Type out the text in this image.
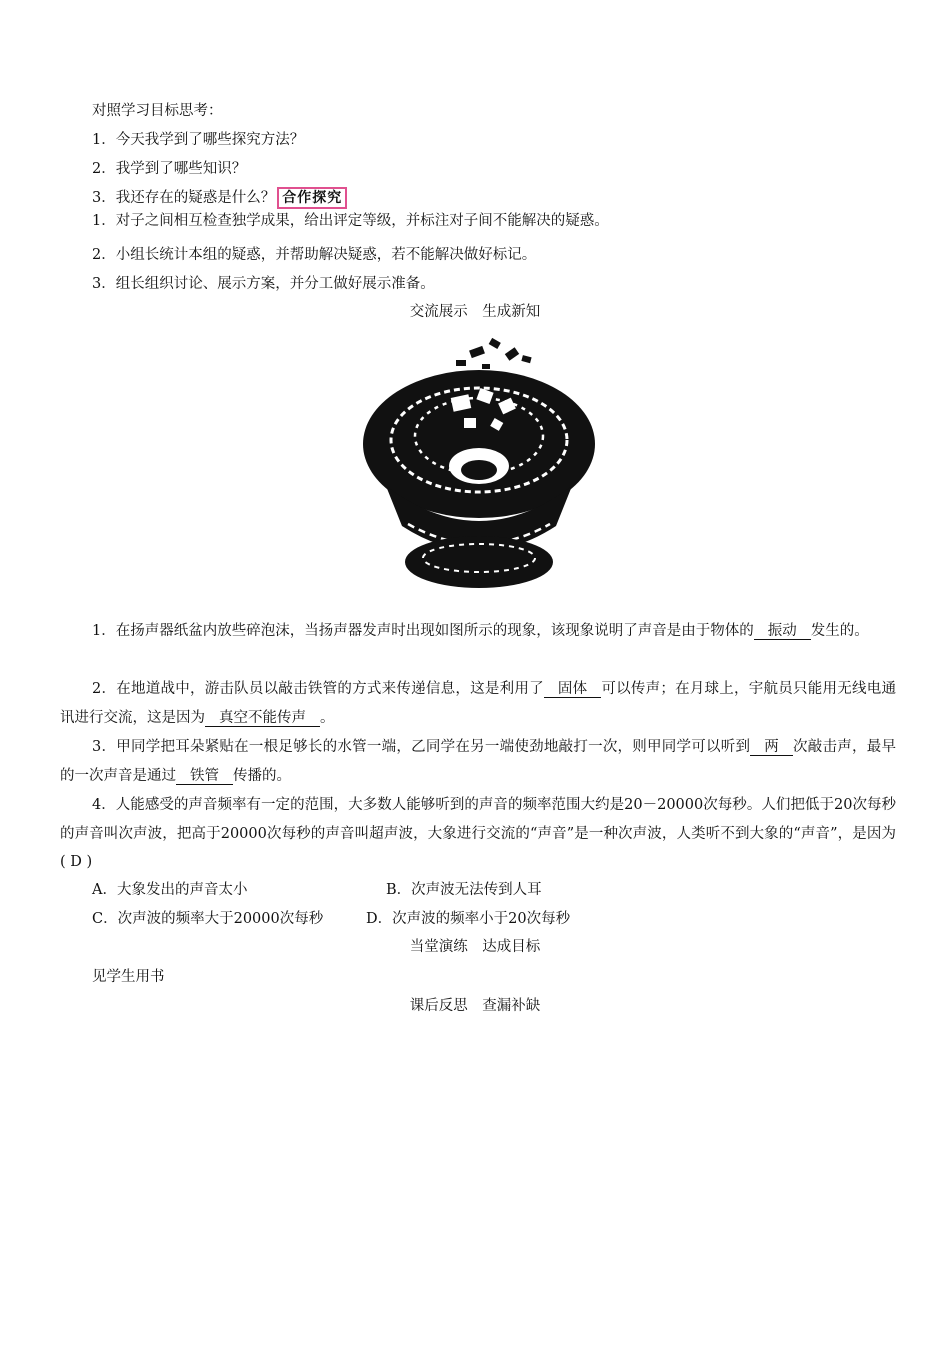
对照学习目标思考：
1．今天我学到了哪些探究方法？
2．我学到了哪些知识？
3．我还存在的疑惑是什么？ 合作探究
1．对子之间相互检查独学成果，给出评定等级，并标注对子间不能解决的疑惑。
2．小组长统计本组的疑惑，并帮助解决疑惑，若不能解决做好标记。
3．组长组织讨论、展示方案，并分工做好展示准备。
交流展示　生成新知
1．在扬声器纸盆内放些碎泡沫，当扬声器发声时出现如图所示的现象，该现象说明了声音是由于物体的 振动 发生的。
2．在地道战中，游击队员以敲击铁管的方式来传递信息，这是利用了 固体 可以传声；在月球上，宇航员只能用无线电通讯进行交流，这是因为 真空不能传声 。
3．甲同学把耳朵紧贴在一根足够长的水管一端，乙同学在另一端使劲地敲打一次，则甲同学可以听到 两 次敲击声，最早的一次声音是通过 铁管 传播的。
4．人能感受的声音频率有一定的范围，大多数人能够听到的声音的频率范围大约是20－20000次每秒。人们把低于20次每秒的声音叫次声波，把高于20000次每秒的声音叫超声波，大象进行交流的“声音”是一种次声波，人类听不到大象的“声音”，是因为( D )
A．大象发出的声音太小	B．次声波无法传到人耳
C．次声波的频率大于20000次每秒	D．次声波的频率小于20次每秒
当堂演练　达成目标
见学生用书
课后反思　查漏补缺
